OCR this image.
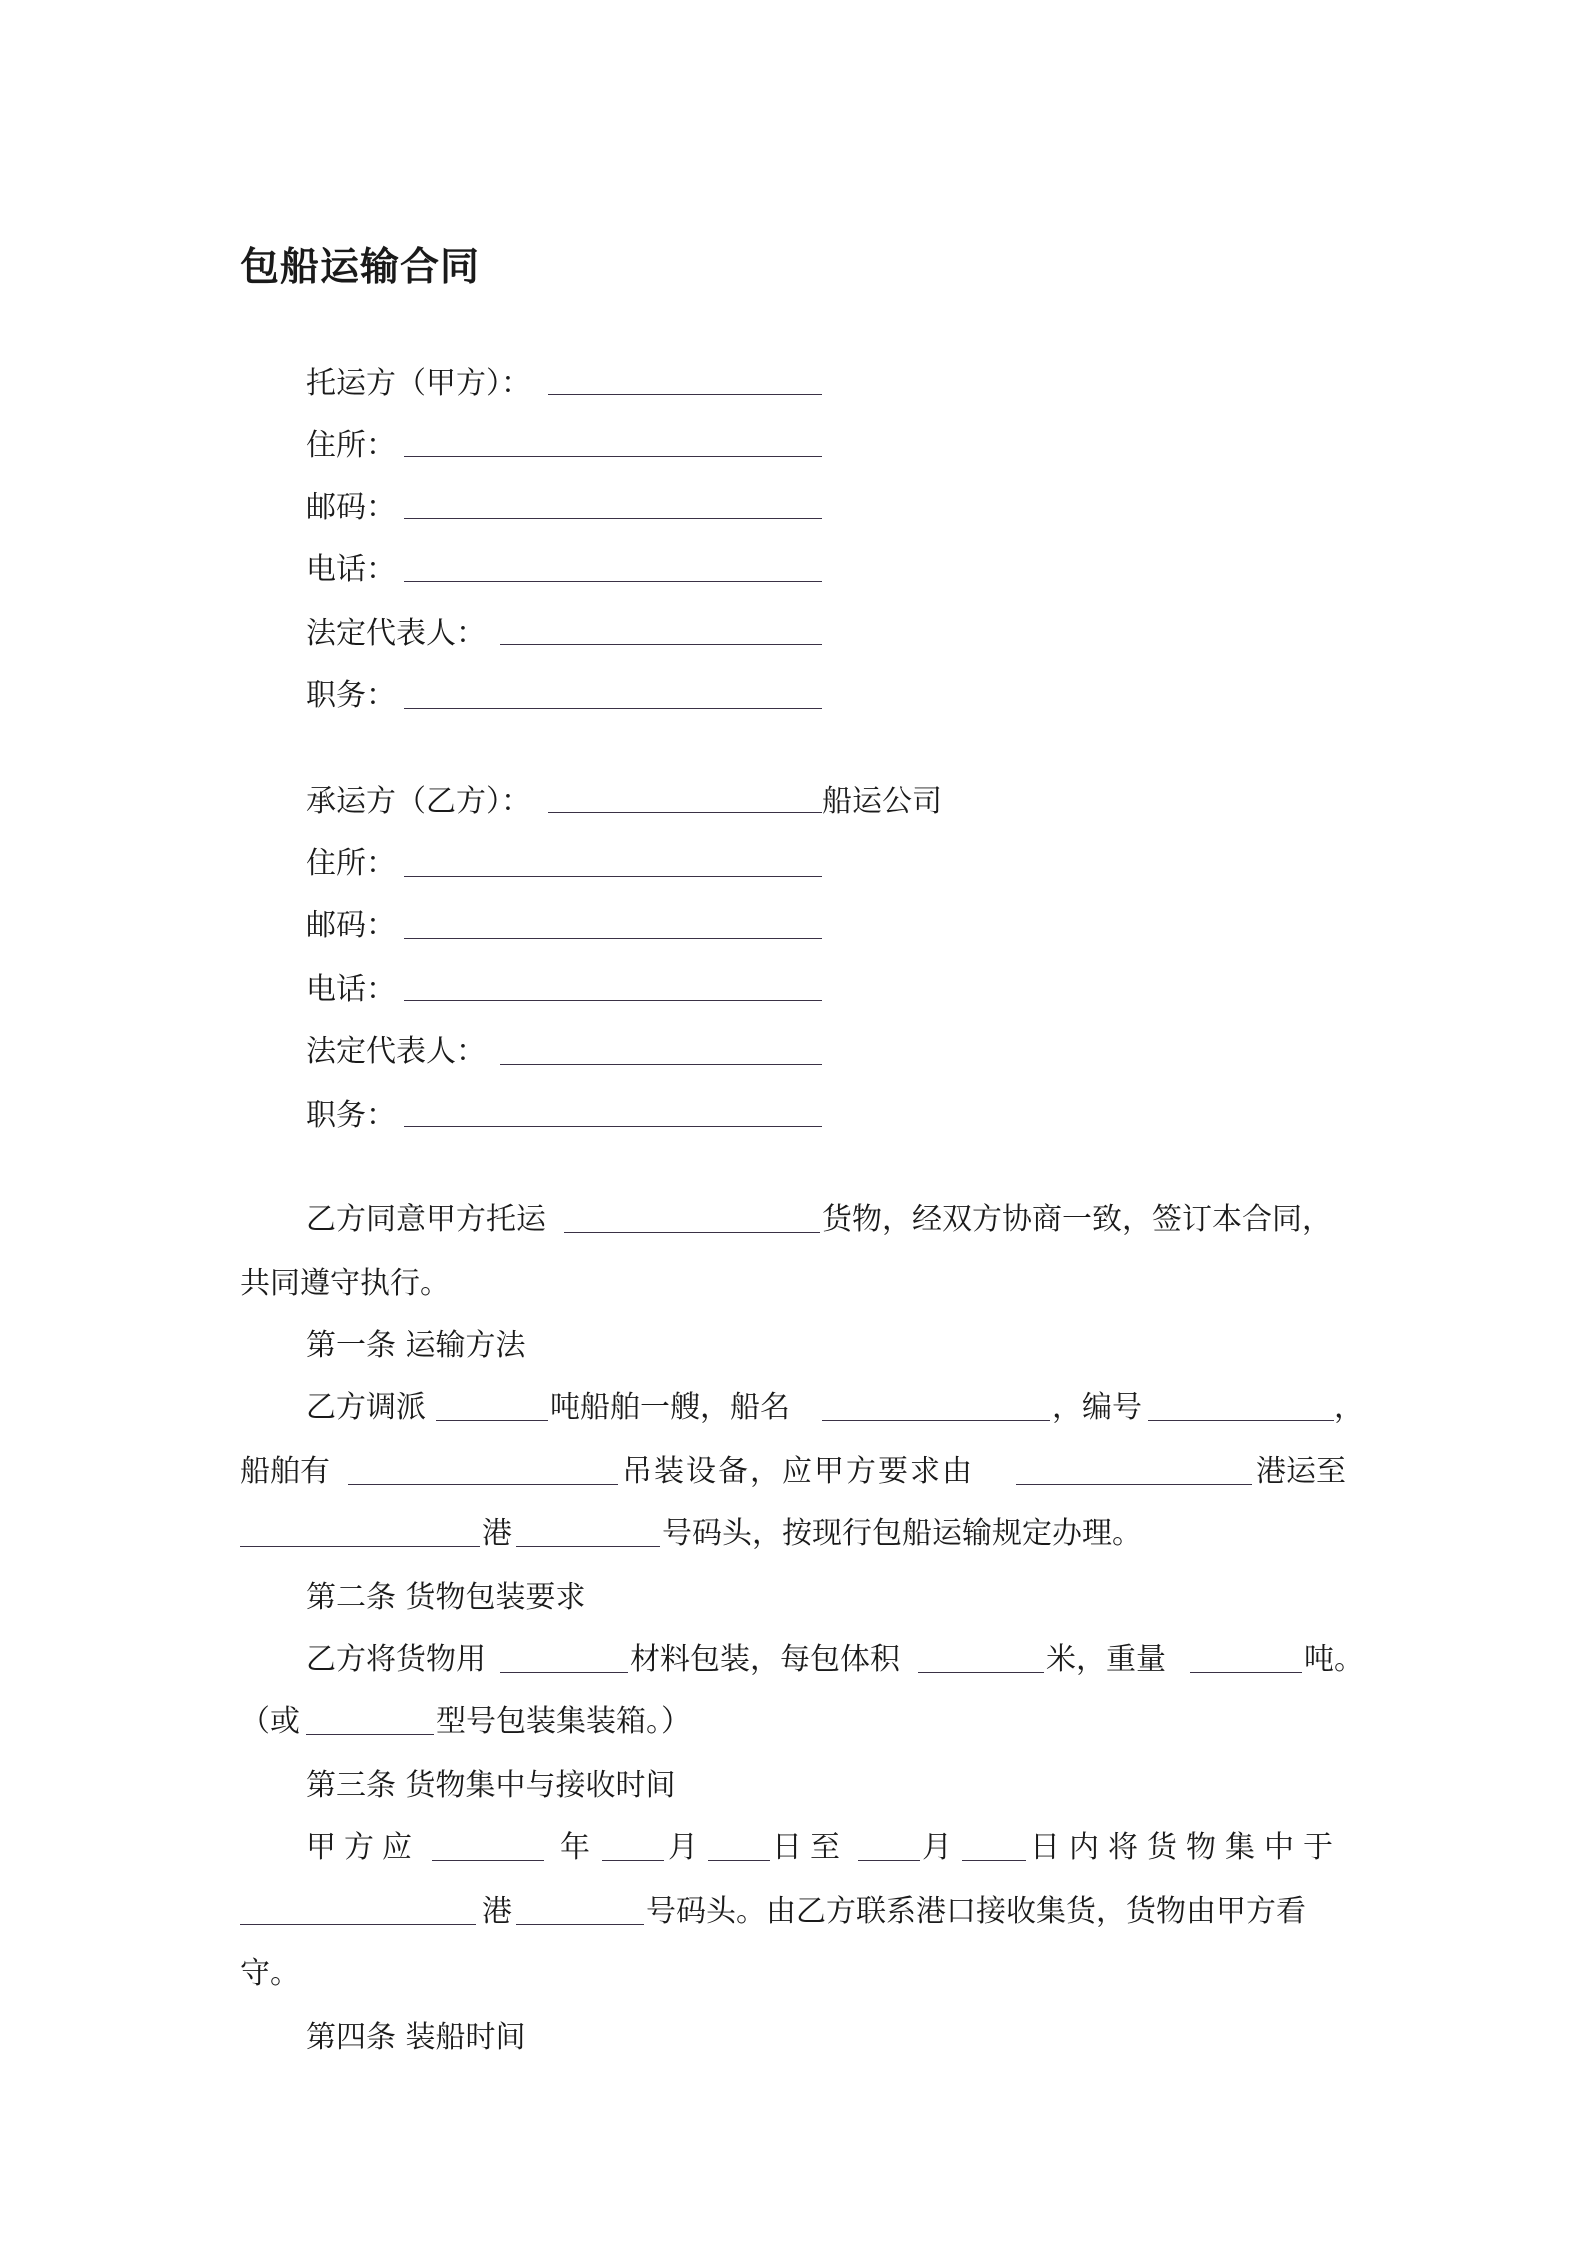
包船运输合同
托运方（甲方）：
住所：
邮码：
电话：
法定代表人：
职务：
承运方（乙方）：	船运公司
住所：
邮码：
电话：
法定代表人：
职务：
乙方同意甲方托运	货物，经双方协商一致，签订本合同，
共同遵守执行。
第一条 运输方法
乙方调派	吨船舶一艘，船名	，编号	，
船舶有	吊装设备，应甲方要求由	港运至
港	号码头，按现行包船运输规定办理。
第二条 货物包装要求
乙方将货物用	材料包装，每包体积	米，重量	吨。
（或	型号包装集装箱。）
第三条 货物集中与接收时间
甲方应	年	月 日至 月	日内将货物集中于
港	号码头。由乙方联系港口接收集货，货物由甲方看
守。
第四条 装船时间
